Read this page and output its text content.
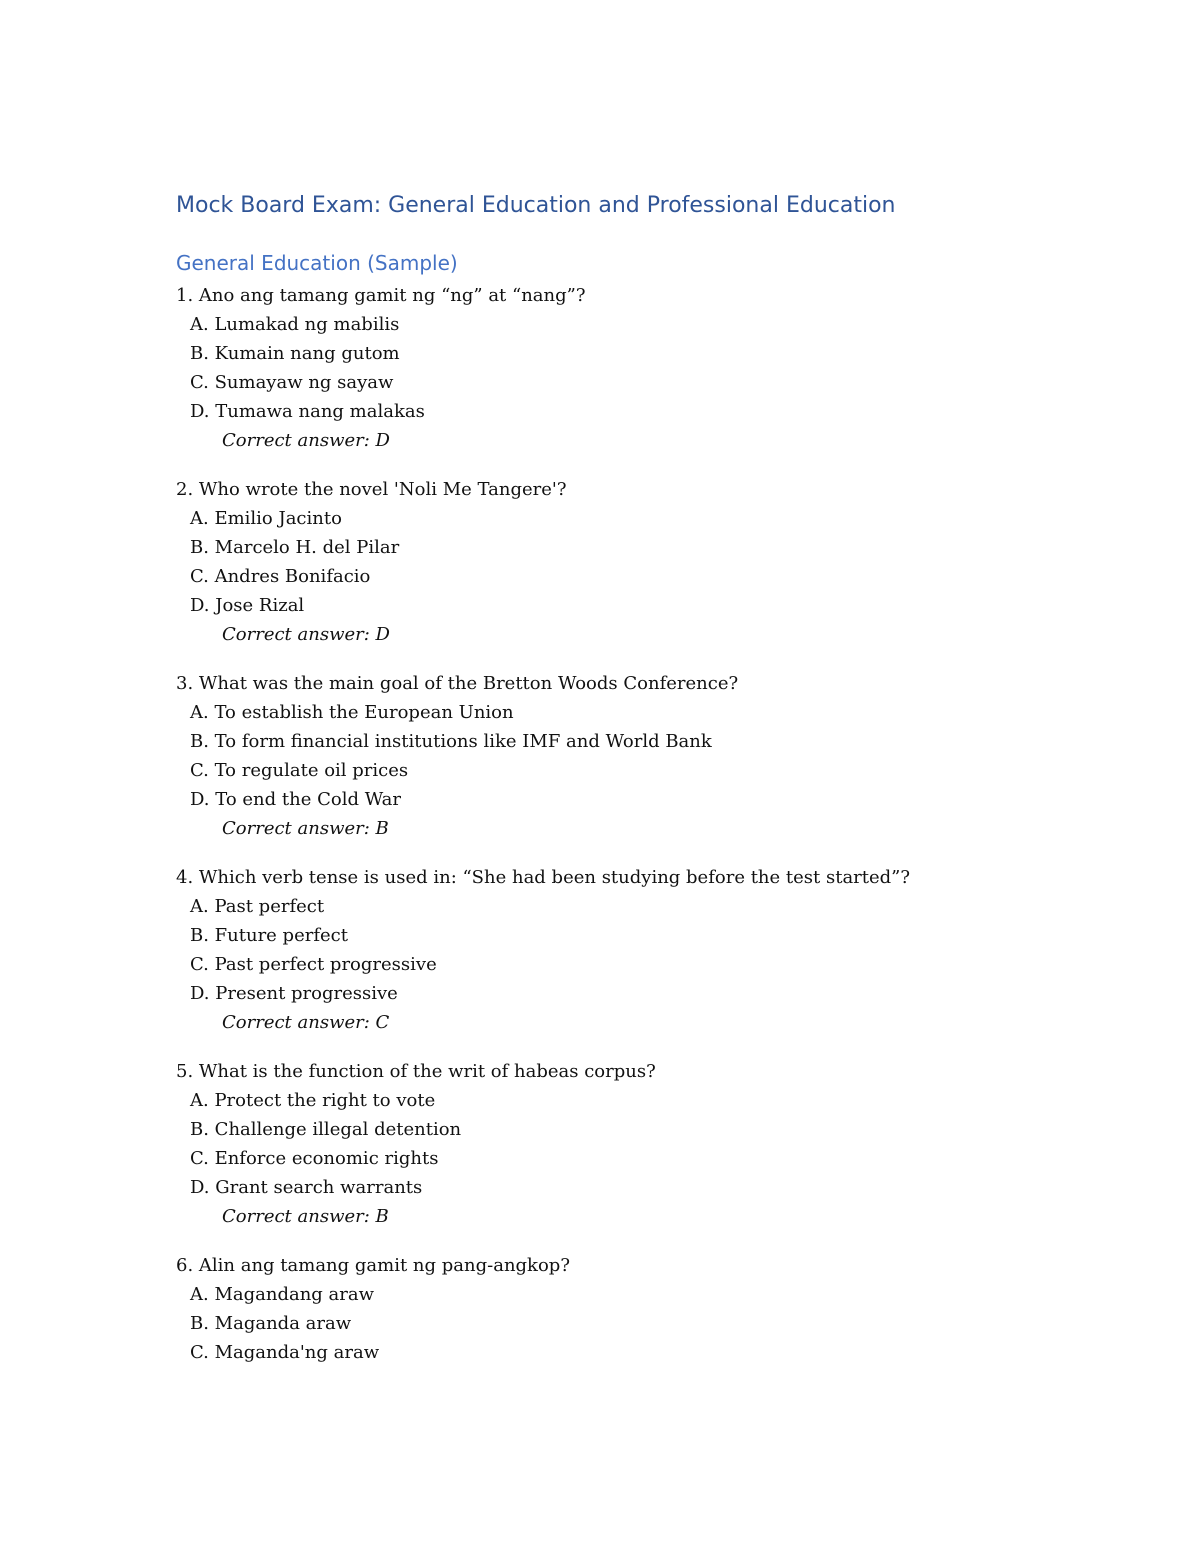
Mock Board Exam: General Education and Professional Education
General Education (Sample)
1. Ano ang tamang gamit ng “ng” at “nang”?
A. Lumakad ng mabilis
B. Kumain nang gutom
C. Sumayaw ng sayaw
D. Tumawa nang malakas
Correct answer: D
2. Who wrote the novel 'Noli Me Tangere'?
A. Emilio Jacinto
B. Marcelo H. del Pilar
C. Andres Bonifacio
D. Jose Rizal
Correct answer: D
3. What was the main goal of the Bretton Woods Conference?
A. To establish the European Union
B. To form financial institutions like IMF and World Bank
C. To regulate oil prices
D. To end the Cold War
Correct answer: B
4. Which verb tense is used in: “She had been studying before the test started”?
A. Past perfect
B. Future perfect
C. Past perfect progressive
D. Present progressive
Correct answer: C
5. What is the function of the writ of habeas corpus?
A. Protect the right to vote
B. Challenge illegal detention
C. Enforce economic rights
D. Grant search warrants
Correct answer: B
6. Alin ang tamang gamit ng pang-angkop?
A. Magandang araw
B. Maganda araw
C. Maganda'ng araw
